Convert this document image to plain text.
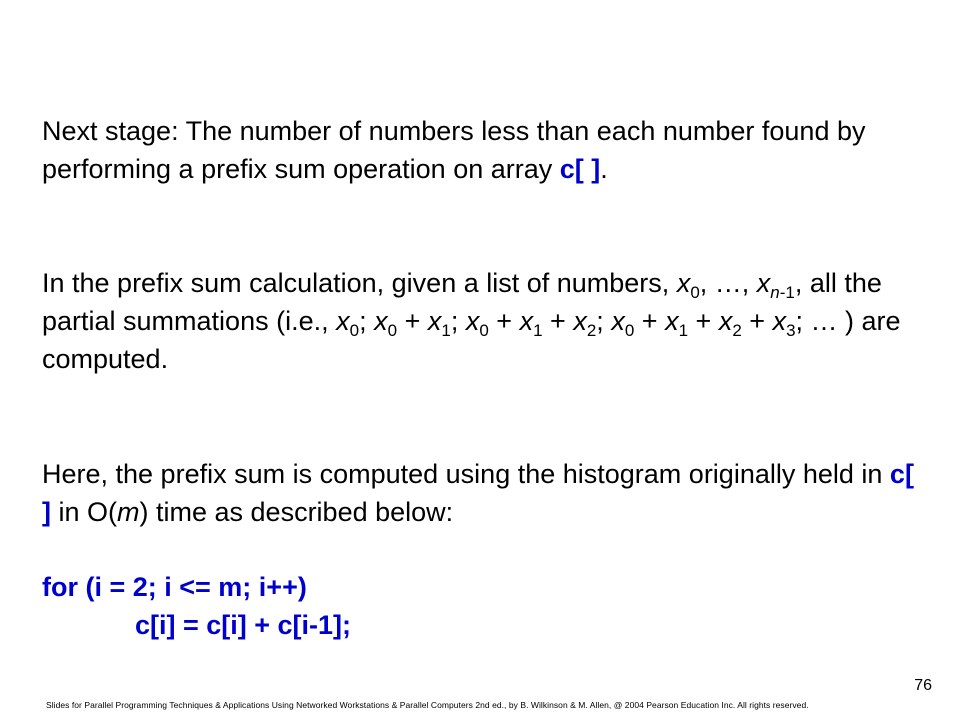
Next stage: The number of numbers less than each number found by performing a prefix sum operation on array c[ ].

In the prefix sum calculation, given a list of numbers, $x_0$, …, $x_{n-1}$, all the partial summations (i.e., $x_0$; $x_0 + x_1$; $x_0 + x_1 + x_2$; $x_0 + x_1 + x_2 + x_3$; … ) are computed.

Here, the prefix sum is computed using the histogram originally held in c[ ] in O(m) time as described below:

for (i = 2; i <= m; i++)

c[i] = c[i] + c[i-1];

76
Slides for Parallel Programming Techniques & Applications Using Networked Workstations & Parallel Computers 2nd ed., by B. Wilkinson & M. Allen, @ 2004 Pearson Education Inc. All rights reserved.
